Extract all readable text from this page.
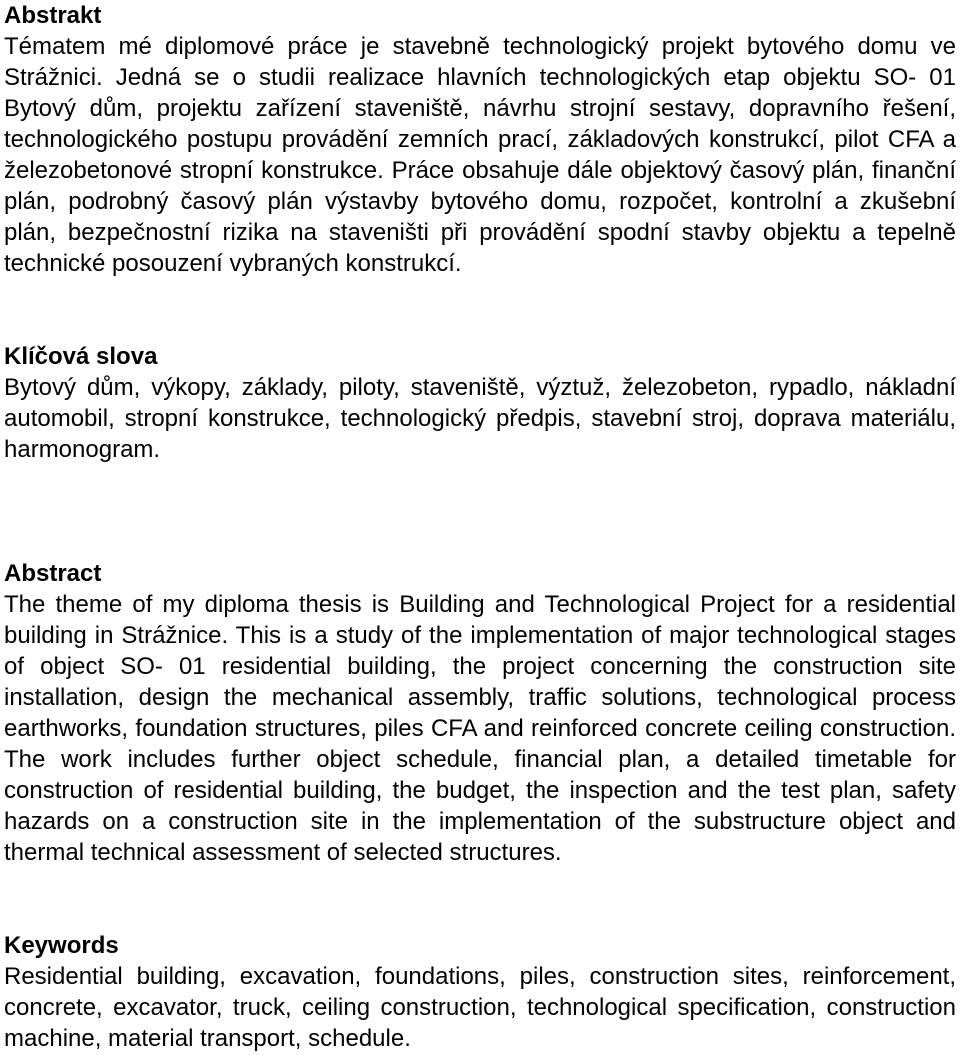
Abstrakt

Tématem mé diplomové práce je stavebně technologický projekt bytového domu ve Strážnici. Jedná se o studii realizace hlavních technologických etap objektu SO- 01 Bytový dům, projektu zařízení staveniště, návrhu strojní sestavy, dopravního řešení, technologického postupu provádění zemních prací, základových konstrukcí, pilot CFA a železobetonové stropní konstrukce. Práce obsahuje dále objektový časový plán, finanční plán, podrobný časový plán výstavby bytového domu, rozpočet, kontrolní a zkušební plán, bezpečnostní rizika na staveništi při provádění spodní stavby objektu a tepelně technické posouzení vybraných konstrukcí.

Klíčová slova

Bytový dům, výkopy, základy, piloty, staveniště, výztuž, železobeton, rypadlo, nákladní automobil, stropní konstrukce, technologický předpis, stavební stroj, doprava materiálu, harmonogram.

Abstract

The theme of my diploma thesis is Building and Technological Project for a residential building in Strážnice. This is a study of the implementation of major technological stages of object SO- 01 residential building, the project concerning the construction site installation, design the mechanical assembly, traffic solutions, technological process earthworks, foundation structures, piles CFA and reinforced concrete ceiling construction. The work includes further object schedule, financial plan, a detailed timetable for construction of residential building, the budget, the inspection and the test plan, safety hazards on a construction site in the implementation of the substructure object and thermal technical assessment of selected structures.

Keywords

Residential building, excavation, foundations, piles, construction sites, reinforcement, concrete, excavator, truck, ceiling construction, technological specification, construction machine, material transport, schedule.
